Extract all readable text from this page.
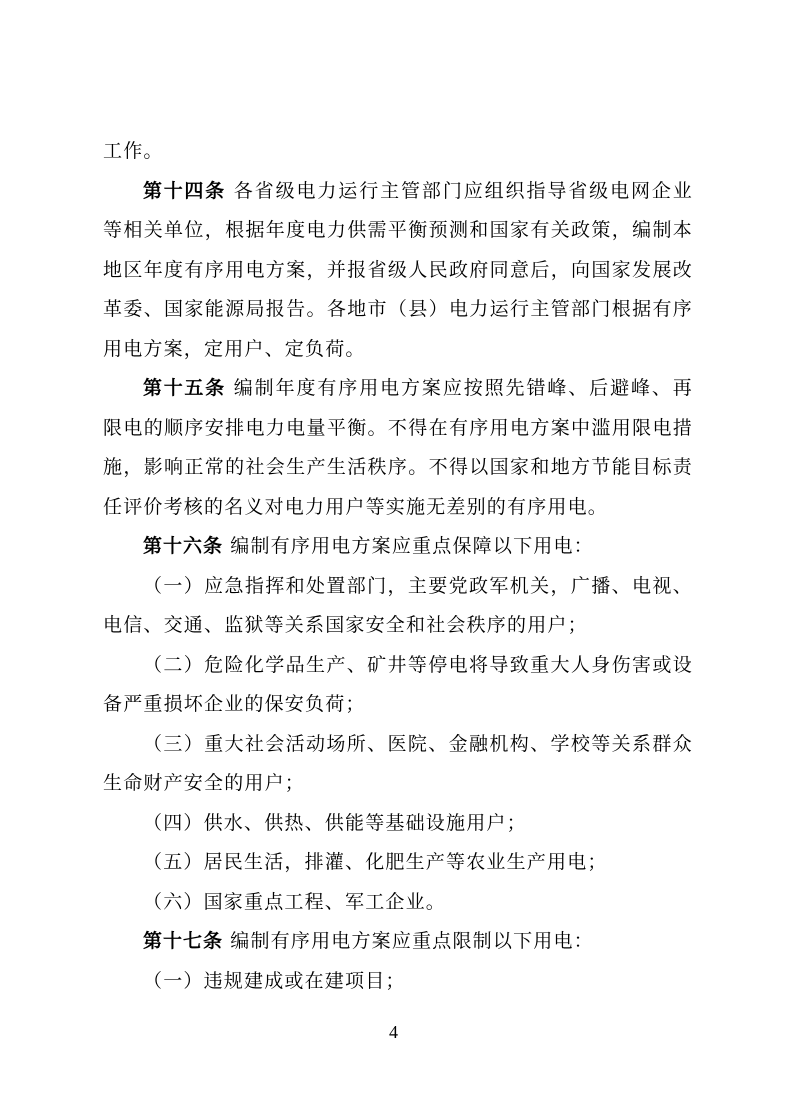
工作。

第十四条 各省级电力运行主管部门应组织指导省级电网企业等相关单位，根据年度电力供需平衡预测和国家有关政策，编制本地区年度有序用电方案，并报省级人民政府同意后，向国家发展改革委、国家能源局报告。各地市（县）电力运行主管部门根据有序用电方案，定用户、定负荷。

第十五条 编制年度有序用电方案应按照先错峰、后避峰、再限电的顺序安排电力电量平衡。不得在有序用电方案中滥用限电措施，影响正常的社会生产生活秩序。不得以国家和地方节能目标责任评价考核的名义对电力用户等实施无差别的有序用电。

第十六条 编制有序用电方案应重点保障以下用电：

（一）应急指挥和处置部门，主要党政军机关，广播、电视、电信、交通、监狱等关系国家安全和社会秩序的用户；

（二）危险化学品生产、矿井等停电将导致重大人身伤害或设备严重损坏企业的保安负荷；

（三）重大社会活动场所、医院、金融机构、学校等关系群众生命财产安全的用户；

（四）供水、供热、供能等基础设施用户；

（五）居民生活，排灌、化肥生产等农业生产用电；

（六）国家重点工程、军工企业。

第十七条 编制有序用电方案应重点限制以下用电：

（一）违规建成或在建项目；

4
